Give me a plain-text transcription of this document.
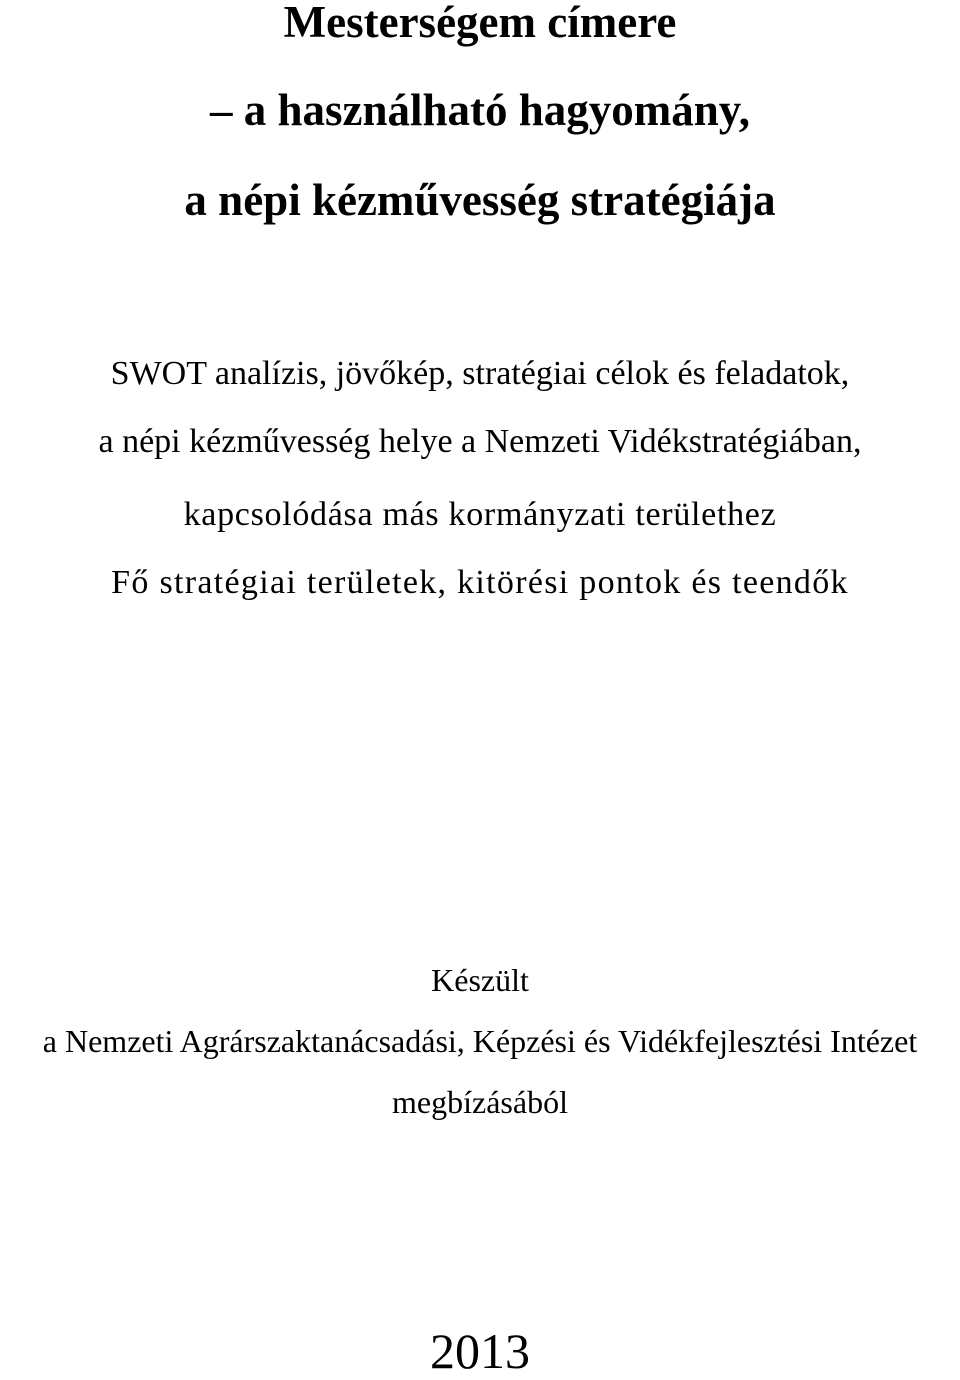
Mesterségem címere
– a használható hagyomány,
a népi kézművesség stratégiája

SWOT analízis, jövőkép, stratégiai célok és feladatok,

a népi kézművesség helye a Nemzeti Vidékstratégiában,

kapcsolódása más kormányzati területhez

Fő stratégiai területek, kitörési pontok és teendők

Készült

a Nemzeti Agrárszaktanácsadási, Képzési és Vidékfejlesztési Intézet

megbízásából

2013
